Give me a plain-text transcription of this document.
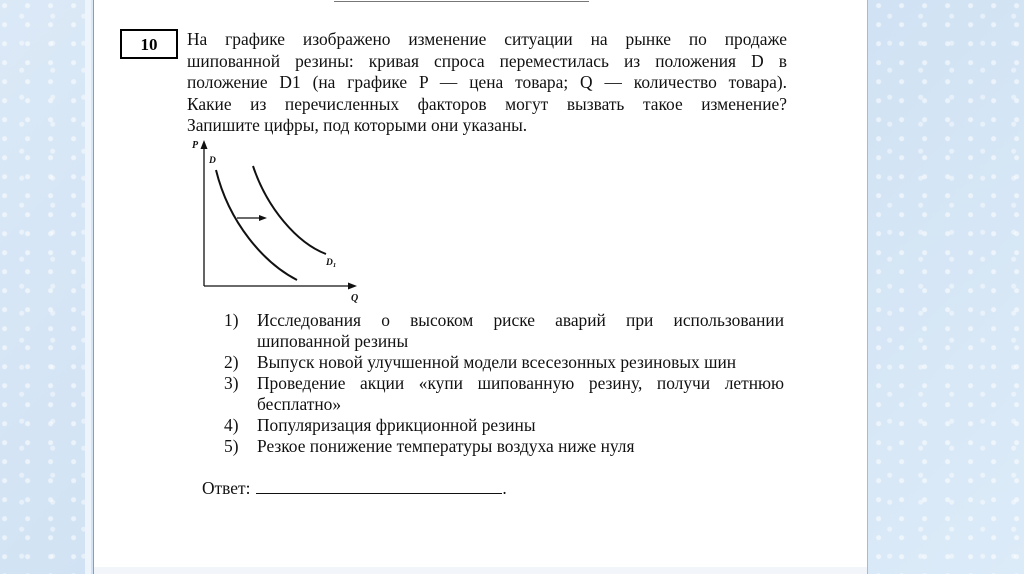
10	На графике изображено изменение ситуации на рынке по продаже
шипованной резины: кривая спроса переместилась из положения D в
положение D1 (на графике P — цена товара; Q — количество товара).
Какие из перечисленных факторов могут вызвать такое изменение?
Запишите цифры, под которыми они указаны.
P
Q
D
$D_1$
1) Исследования о высоком риске аварий при использовании
шипованной резины
2) Выпуск новой улучшенной модели всесезонных резиновых шин
3) Проведение акции «купи шипованную резину, получи летнюю
бесплатно»
4) Популяризация фрикционной резины
5) Резкое понижение температуры воздуха ниже нуля
Ответ:	.
